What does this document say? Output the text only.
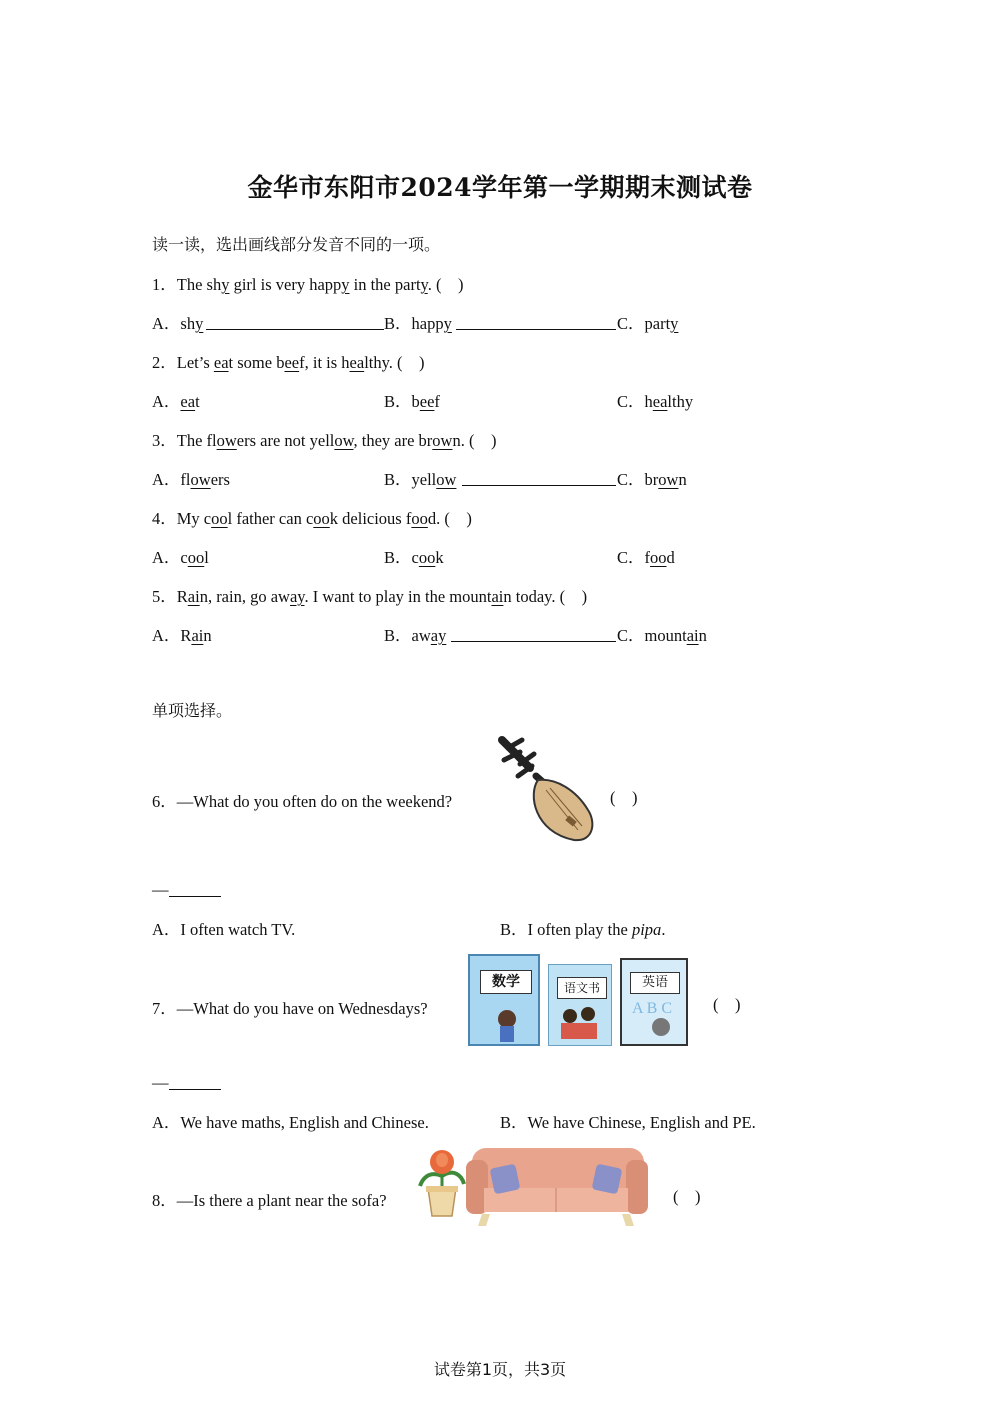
金华市东阳市2024学年第一学期期末测试卷
读一读，选出画线部分发音不同的一项。
1．The shy girl is very happy in the party. (    )
A．shy	B．happy	C．party
2．Let’s eat some beef, it is healthy. (    )
A．eat	B．beef	C．healthy
3．The flowers are not yellow, they are brown. (    )
A．flowers	B．yellow	C．brown
4．My cool father can cook delicious food. (    )
A．cool	B．cook	C．food
5．Rain, rain, go away. I want to play in the mountain today. (    )
A．Rain	B．away	C．mountain
单项选择。
6．—What do you often do on the weekend?	(    )
—
A．I often watch TV.	B．I often play the pipa.
7．—What do you have on Wednesdays?
数学	语文书	英语
A B C (    )
—
A．We have maths, English and Chinese.	B．We have Chinese, English and PE.
8．—Is there a plant near the sofa?	(    )
试卷第1页，共3页
